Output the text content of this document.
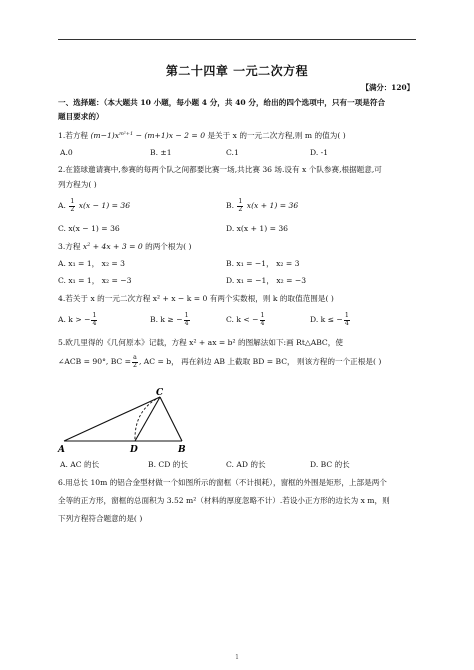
第二十四章 一元二次方程
【满分：120】
一、选择题：（本大题共 10 小题，每小题 4 分，共 40 分，给出的四个选项中，只有一项是符合
题目要求的）
1.若方程 $(m-1)x^{m^2+1} - (m+1)x - 2 = 0$ 是关于 x 的一元二次方程,则 m 的值为( )
A.0	B. ±1	C.1	D. -1
2.在篮球邀请赛中,参赛的每两个队之间都要比赛一场,共比赛 36 场.设有 x 个队参赛,根据题意,可
列方程为( )
A. $\frac{1}{2} x(x - 1) = 36$	B. $\frac{1}{2} x(x + 1) = 36$
C. x(x − 1) = 36	D. x(x + 1) = 36
3.方程 $x^2 + 4x + 3 = 0$ 的两个根为( )
A. x₁ = 1， x₂ = 3	B. x₁ = −1， x₂ = 3
C. x₁ = 1， x₂ = −3	D. x₁ = −1， x₂ = −3
4.若关于 x 的一元二次方程 x² + x − k = 0 有两个实数根，则 k 的取值范围是( )
A. k > − $\frac{1}{4}$	B. k ≥ − $\frac{1}{4}$	C. k < − $\frac{1}{4}$	D. k ≤ − $\frac{1}{4}$
5.欧几里得的《几何原本》记载，方程 x² + ax = b² 的图解法如下:画 Rt△ABC，使
∠ACB = 90°, BC = $\frac{a}{2}$ , AC = b， 再在斜边 AB 上截取 BD = BC， 则该方程的一个正根是( )
A	D	B
C
A. AC 的长	B. CD 的长	C. AD 的长	D. BC 的长
6.用总长 10m 的铝合金型材做一个如图所示的窗框（不计损耗），窗框的外围是矩形，上部是两个
全等的正方形，窗框的总面积为 3.52 m²（材料的厚度忽略不计）.若设小正方形的边长为 x m，则
下列方程符合题意的是( )
1
